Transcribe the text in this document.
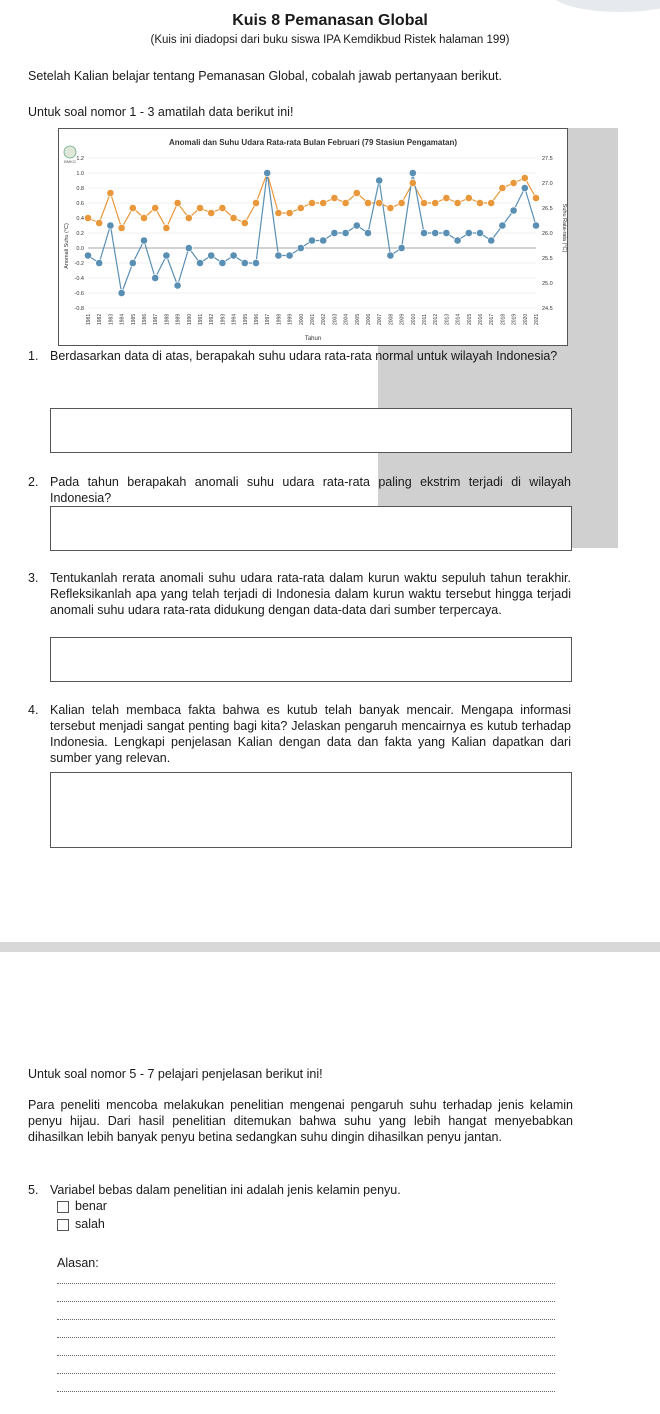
Kuis 8 Pemanasan Global
(Kuis ini diadopsi dari buku siswa IPA Kemdikbud Ristek halaman 199)
Setelah Kalian belajar tentang Pemanasan Global, cobalah jawab pertanyaan berikut.
Untuk soal nomor 1 - 3 amatilah data berikut ini!
Anomali dan Suhu Udara Rata-rata Bulan Februari (79 Stasiun Pengamatan)
BMKG
Anomali Suhu (°C)	Suhu Rata-rata (°C)
Tahun
1.2
1.0
0.8
0.6
0.4
0.2
0.0
-0.2
-0.4
-0.6
-0.8
27.5
27.0
26.5
26.0
25.5
25.0
24.5
1981 1982 1983 1984 1985 1986 1987 1988 1989 1990 1991 1992 1993 1994 1995 1996 1997 1998 1999 2000 2001 2002 2003 2004 2005 2006 2007 2008 2009 2010 2011 2012 2013 2014 2015 2016 2017 2018 2019 2020 2021
1. Berdasarkan data di atas, berapakah suhu udara rata-rata normal untuk wilayah Indonesia?
2. Pada tahun berapakah anomali suhu udara rata-rata paling ekstrim terjadi di wilayah Indonesia?
3. Tentukanlah rerata anomali suhu udara rata-rata dalam kurun waktu sepuluh tahun terakhir. Refleksikanlah apa yang telah terjadi di Indonesia dalam kurun waktu tersebut hingga terjadi anomali suhu udara rata-rata didukung dengan data-data dari sumber terpercaya.
4. Kalian telah membaca fakta bahwa es kutub telah banyak mencair. Mengapa informasi tersebut menjadi sangat penting bagi kita? Jelaskan pengaruh mencairnya es kutub terhadap Indonesia. Lengkapi penjelasan Kalian dengan data dan fakta yang Kalian dapatkan dari sumber yang relevan.
Untuk soal nomor 5 - 7 pelajari penjelasan berikut ini!
Para peneliti mencoba melakukan penelitian mengenai pengaruh suhu terhadap jenis kelamin penyu hijau. Dari hasil penelitian ditemukan bahwa suhu yang lebih hangat menyebabkan dihasilkan lebih banyak penyu betina sedangkan suhu dingin dihasilkan penyu jantan.
5. Variabel bebas dalam penelitian ini adalah jenis kelamin penyu.
benar
salah
Alasan:
